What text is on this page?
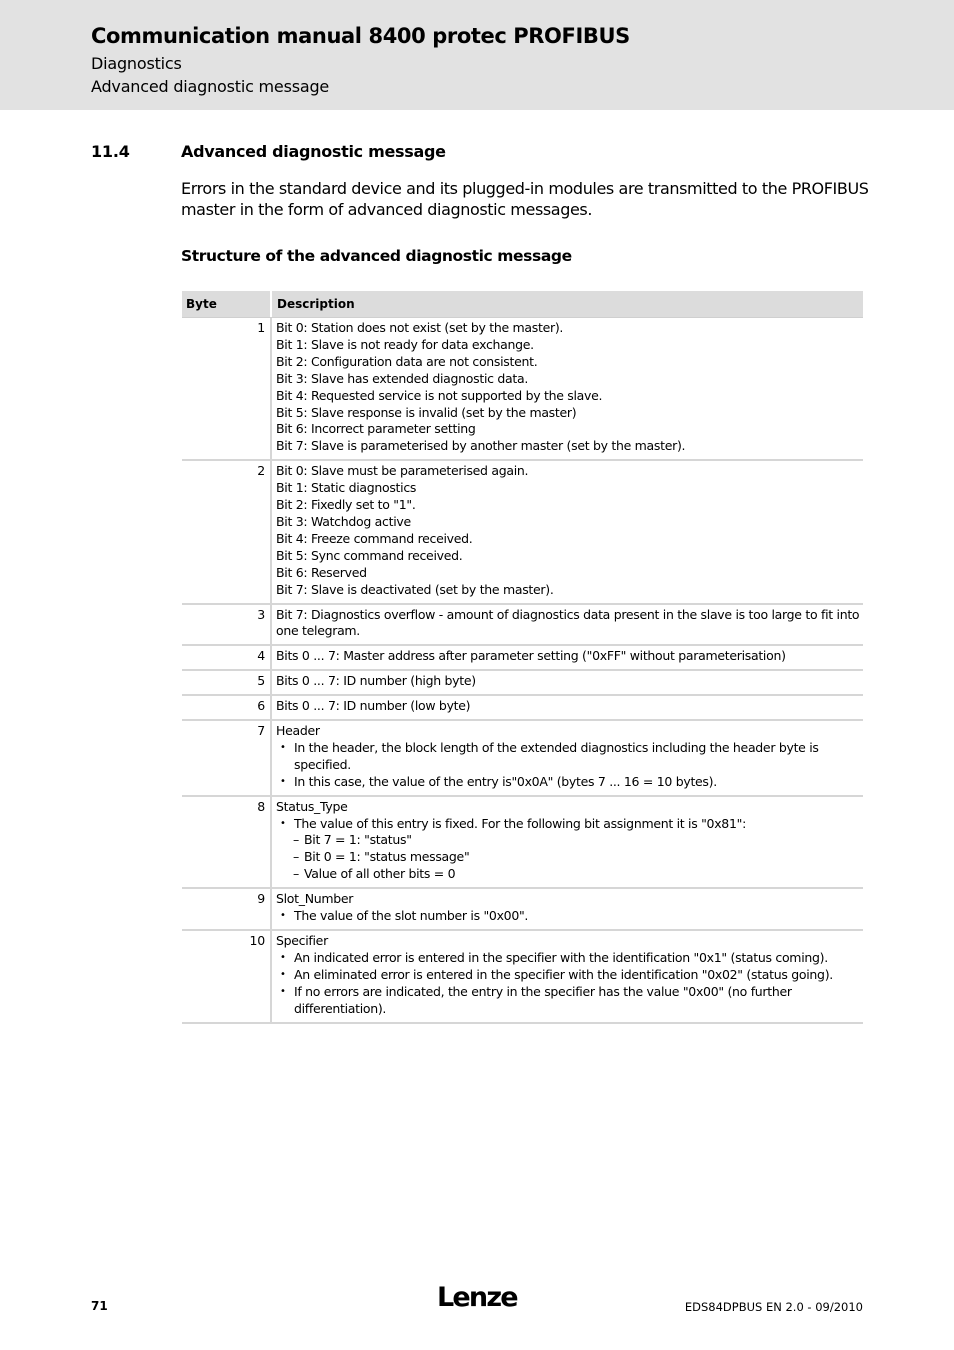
Communication manual 8400 protec PROFIBUS
Diagnostics
Advanced diagnostic message
11.4	Advanced diagnostic message
Errors in the standard device and its plugged-in modules are transmitted to the PROFIBUS master in the form of advanced diagnostic messages.
Structure of the advanced diagnostic message
Byte	Description
1 Bit 0: Station does not exist (set by the master).
Bit 1: Slave is not ready for data exchange.
Bit 2: Configuration data are not consistent.
Bit 3: Slave has extended diagnostic data.
Bit 4: Requested service is not supported by the slave.
Bit 5: Slave response is invalid (set by the master)
Bit 6: Incorrect parameter setting
Bit 7: Slave is parameterised by another master (set by the master).
2 Bit 0: Slave must be parameterised again.
Bit 1: Static diagnostics
Bit 2: Fixedly set to "1".
Bit 3: Watchdog active
Bit 4: Freeze command received.
Bit 5: Sync command received.
Bit 6: Reserved
Bit 7: Slave is deactivated (set by the master).
3 Bit 7: Diagnostics overflow - amount of diagnostics data present in the slave is too large to fit into one telegram.
4 Bits 0 ... 7: Master address after parameter setting ("0xFF" without parameterisation)
5 Bits 0 ... 7: ID number (high byte)
6 Bits 0 ... 7: ID number (low byte)
7 Header
• In the header, the block length of the extended diagnostics including the header byte is specified.
• In this case, the value of the entry is"0x0A" (bytes 7 ... 16 = 10 bytes).
8 Status_Type
• The value of this entry is fixed. For the following bit assignment it is "0x81":
– Bit 7 = 1: "status"
– Bit 0 = 1: "status message"
– Value of all other bits = 0
9 Slot_Number
• The value of the slot number is "0x00".
10 Specifier
• An indicated error is entered in the specifier with the identification "0x1" (status coming).
• An eliminated error is entered in the specifier with the identification "0x02" (status going).
• If no errors are indicated, the entry in the specifier has the value "0x00" (no further differentiation).
71	Lenze	EDS84DPBUS EN 2.0 - 09/2010
